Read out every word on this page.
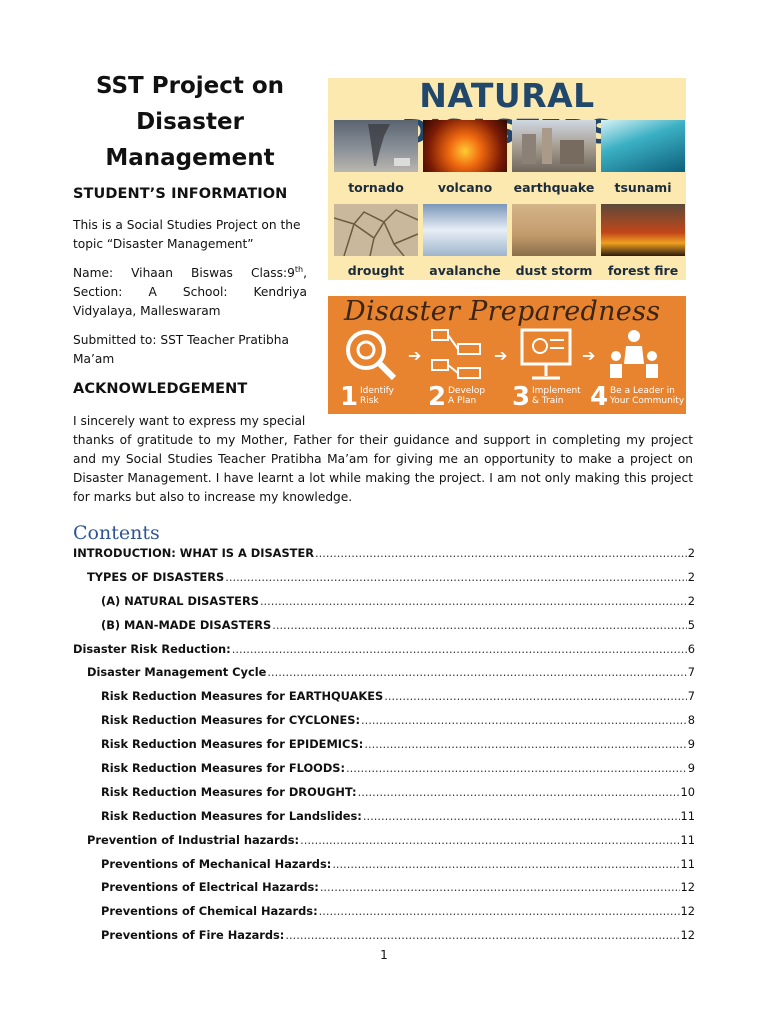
SST Project on
Disaster
Management
STUDENT’S INFORMATION
This is a Social Studies Project on the
topic “Disaster Management”
Name: Vihaan Biswas Class:9th,
Section: A School: Kendriya
Vidyalaya, Malleswaram
Submitted to: SST Teacher Pratibha
Ma’am
ACKNOWLEDGEMENT
I sincerely want to express my special
thanks of gratitude to my Mother, Father for their guidance and support in completing my project and my Social Studies Teacher Pratibha Ma’am for giving me an opportunity to make a project on Disaster Management. I have learnt a lot while making the project. I am not only making this project for marks but also to increase my knowledge.
NATURAL
tornado	volcano	earthquake	tsunami
drought	avalanche	dust storm	forest fire
Disaster Preparedness
➔	➔	➔
1 Identify
Risk	2 Develop
A Plan	3 Implement
& Train	4 Be a Leader in
Your Community
Contents
INTRODUCTION: WHAT IS A DISASTER .....	2
TYPES OF DISASTERS .....	2
(A) NATURAL DISASTERS .....	2
(B) MAN-MADE DISASTERS .....	5
Disaster Risk Reduction: .....	6
Disaster Management Cycle .....	7
Risk Reduction Measures for EARTHQUAKES .....	7
Risk Reduction Measures for CYCLONES: .....	8
Risk Reduction Measures for EPIDEMICS: .....	9
Risk Reduction Measures for FLOODS: .....	9
Risk Reduction Measures for DROUGHT: .....	10
Risk Reduction Measures for Landslides: .....	11
Prevention of Industrial hazards: .....	11
Preventions of Mechanical Hazards: .....	11
Preventions of Electrical Hazards: .....	12
Preventions of Chemical Hazards: .....	12
Preventions of Fire Hazards: .....	12
1
